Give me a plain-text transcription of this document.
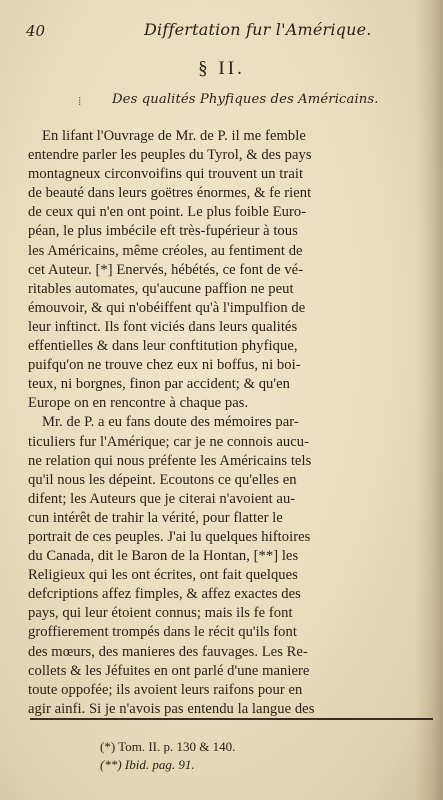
40	Differtation fur l'Amérique.
§ II.
⁞ Des qualités Phyfiques des Américains.
En lifant l'Ouvrage de Mr. de P. il me femble
entendre parler les peuples du Tyrol, & des pays
montagneux circonvoifins qui trouvent un trait
de beauté dans leurs goëtres énormes, & fe rient
de ceux qui n'en ont point. Le plus foible Euro-
péan, le plus imbécile eft très-fupérieur à tous
les Américains, même créoles, au fentiment de
cet Auteur. [*] Enervés, hébétés, ce font de vé-
ritables automates, qu'aucune paffion ne peut
émouvoir, & qui n'obéiffent qu'à l'impulfion de
leur inftinct. Ils font viciés dans leurs qualités
effentielles & dans leur conftitution phyfique,
puifqu'on ne trouve chez eux ni boffus, ni boi-
teux, ni borgnes, finon par accident; & qu'en
Europe on en rencontre à chaque pas.
Mr. de P. a eu fans doute des mémoires par-
ticuliers fur l'Amérique; car je ne connois aucu-
ne relation qui nous préfente les Américains tels
qu'il nous les dépeint. Ecoutons ce qu'elles en
difent; les Auteurs que je citerai n'avoient au-
cun intérêt de trahir la vérité, pour flatter le
portrait de ces peuples. J'ai lu quelques hiftoires
du Canada, dit le Baron de la Hontan, [**] les
Religieux qui les ont écrites, ont fait quelques
defcriptions affez fimples, & affez exactes des
pays, qui leur étoient connus; mais ils fe font
groffierement trompés dans le récit qu'ils font
des mœurs, des manieres des fauvages. Les Re-
collets & les Jéfuites en ont parlé d'une maniere
toute oppofée; ils avoient leurs raifons pour en
agir ainfi. Si je n'avois pas entendu la langue des
(*) Tom. II. p. 130 & 140.
(**) Ibid. pag. 91.
